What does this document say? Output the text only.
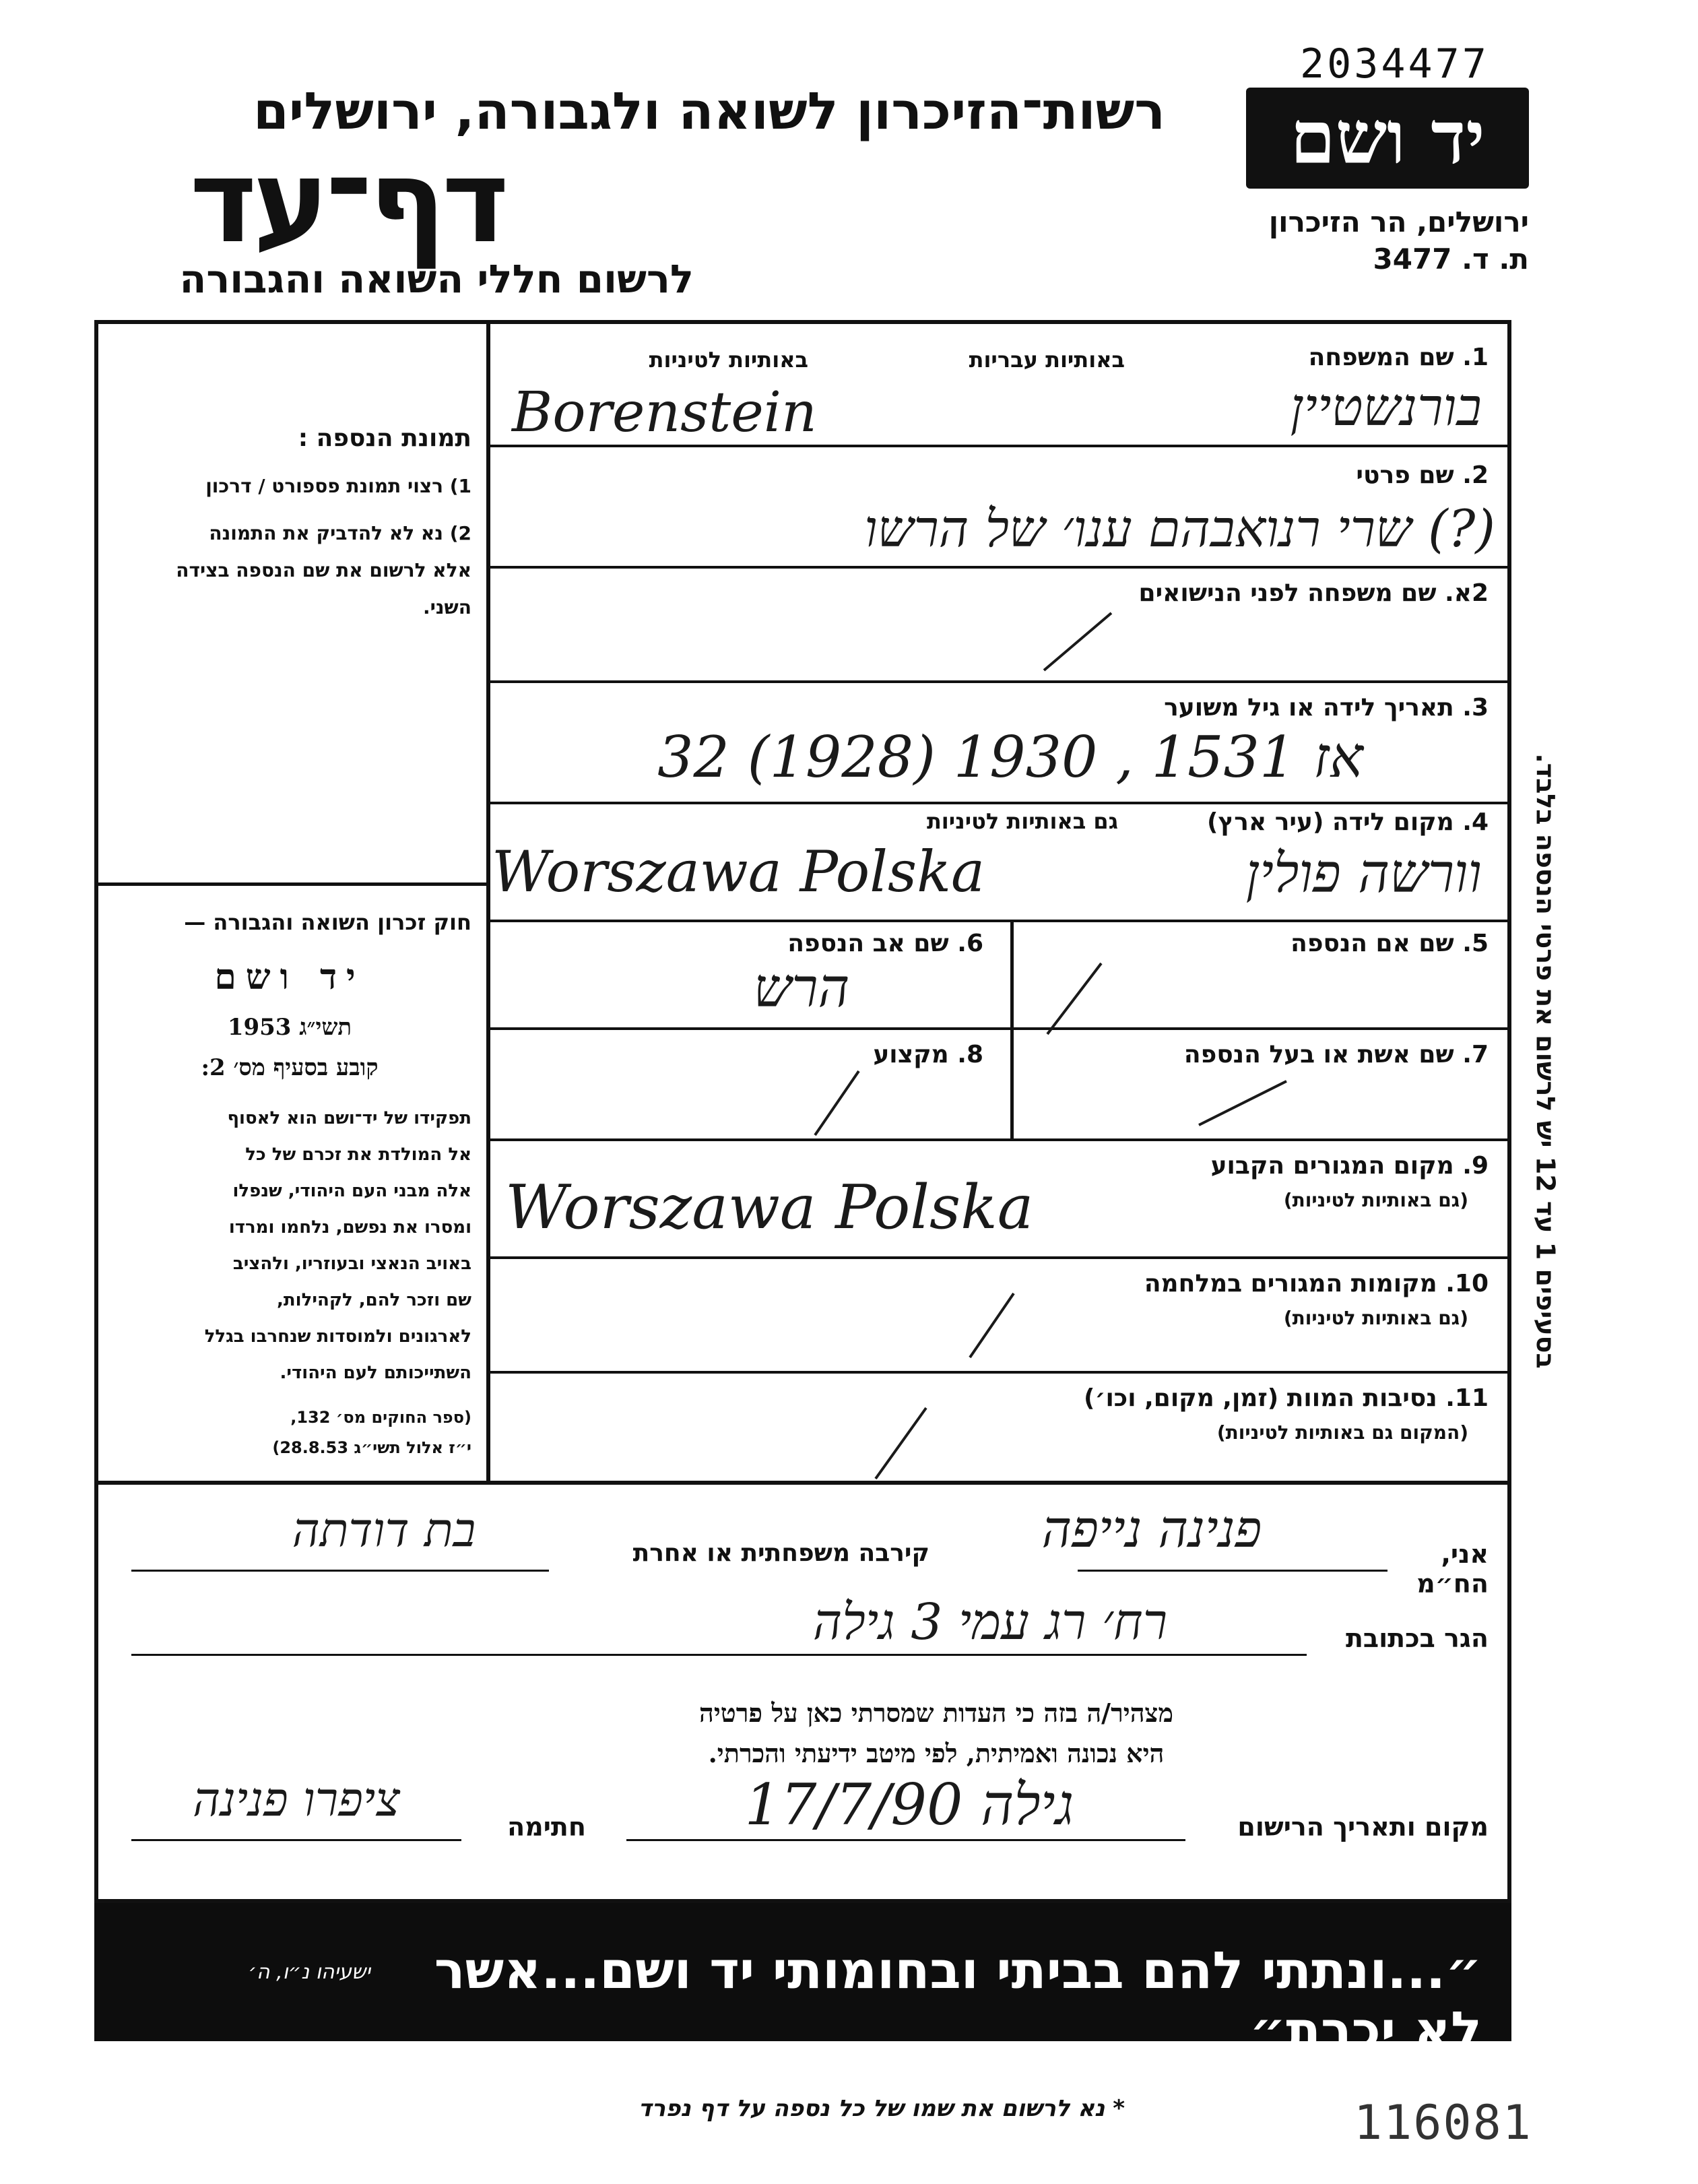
2034477
יד ושם
רשות־הזיכרון לשואה ולגבורה, ירושלים
דף־עד
לרשום חללי השואה והגבורה
ירושלים, הר הזיכרון
ת. ד. 3477
תמונת הנספה :
1) רצוי תמונת פספורט / דרכון
2) נא לא להדביק את התמונה
אלא לרשום את שם הנספה בצידה
השני.
חוק זכרון השואה והגבורה —
יד ושם
תשי״ג 1953
קובע בסעיף מס׳ 2:
תפקידו של יד־ושם הוא לאסוף
אל המולדת את זכרם של כל
אלה מבני העם היהודי, שנפלו
ומסרו את נפשם, נלחמו ומרדו
באויב הנאצי ובעוזריו, ולהציב
שם וזכר להם, לקהילות,
לארגונים ולמוסדות שנחרבו בגלל
השתייכותם לעם היהודי.
(ספר החוקים מס׳ 132,
י״ז אלול תשי״ג 28.8.53)
1. שם המשפחה
באותיות עבריות
באותיות לטיניות
בורנשטיין
Borenstein
2. שם פרטי
(?) שרי רנואבהם ענו׳ של הרשו
2א. שם משפחה לפני הנישואים
3. תאריך לידה או גיל משוער
32 אז 1531 , 1930 (1928)
4. מקום לידה (עיר ארץ)
גם באותיות לטיניות
וורשה פולין
Worszawa Polska
5. שם אם הנספה
6. שם אב הנספה
הרש
7. שם אשת או בעל הנספה
8. מקצוע
9. מקום המגורים הקבוע
(גם באותיות לטיניות)
Worszawa Polska
10. מקומות המגורים במלחמה
(גם באותיות לטיניות)
11. נסיבות המוות (זמן, מקום, וכו׳)
(המקום גם באותיות לטיניות)
בסעיפים 1 עד 12 יש לרשום את פרטי הנספה בלבד.
אני, הח״מ
פנינה נייפה
קירבה משפחתית או אחרת
בת דודתה
הגר בכתובת
רח׳ רג עמי 3 גילה
מצהיר/ה בזה כי העדות שמסרתי כאן על פרטיה
היא נכונה ואמיתית, לפי מיטב ידיעתי והכרתי.
מקום ותאריך הרישום
גילה 17/7/90
חתימה
ציפרו פנינה
״...ונתתי להם בביתי ובחומותי יד ושם...אשר לא יכרת״
ישעיהו נ״ו, ה׳
* נא לרשום את שמו של כל נספה על דף נפרד	116081
